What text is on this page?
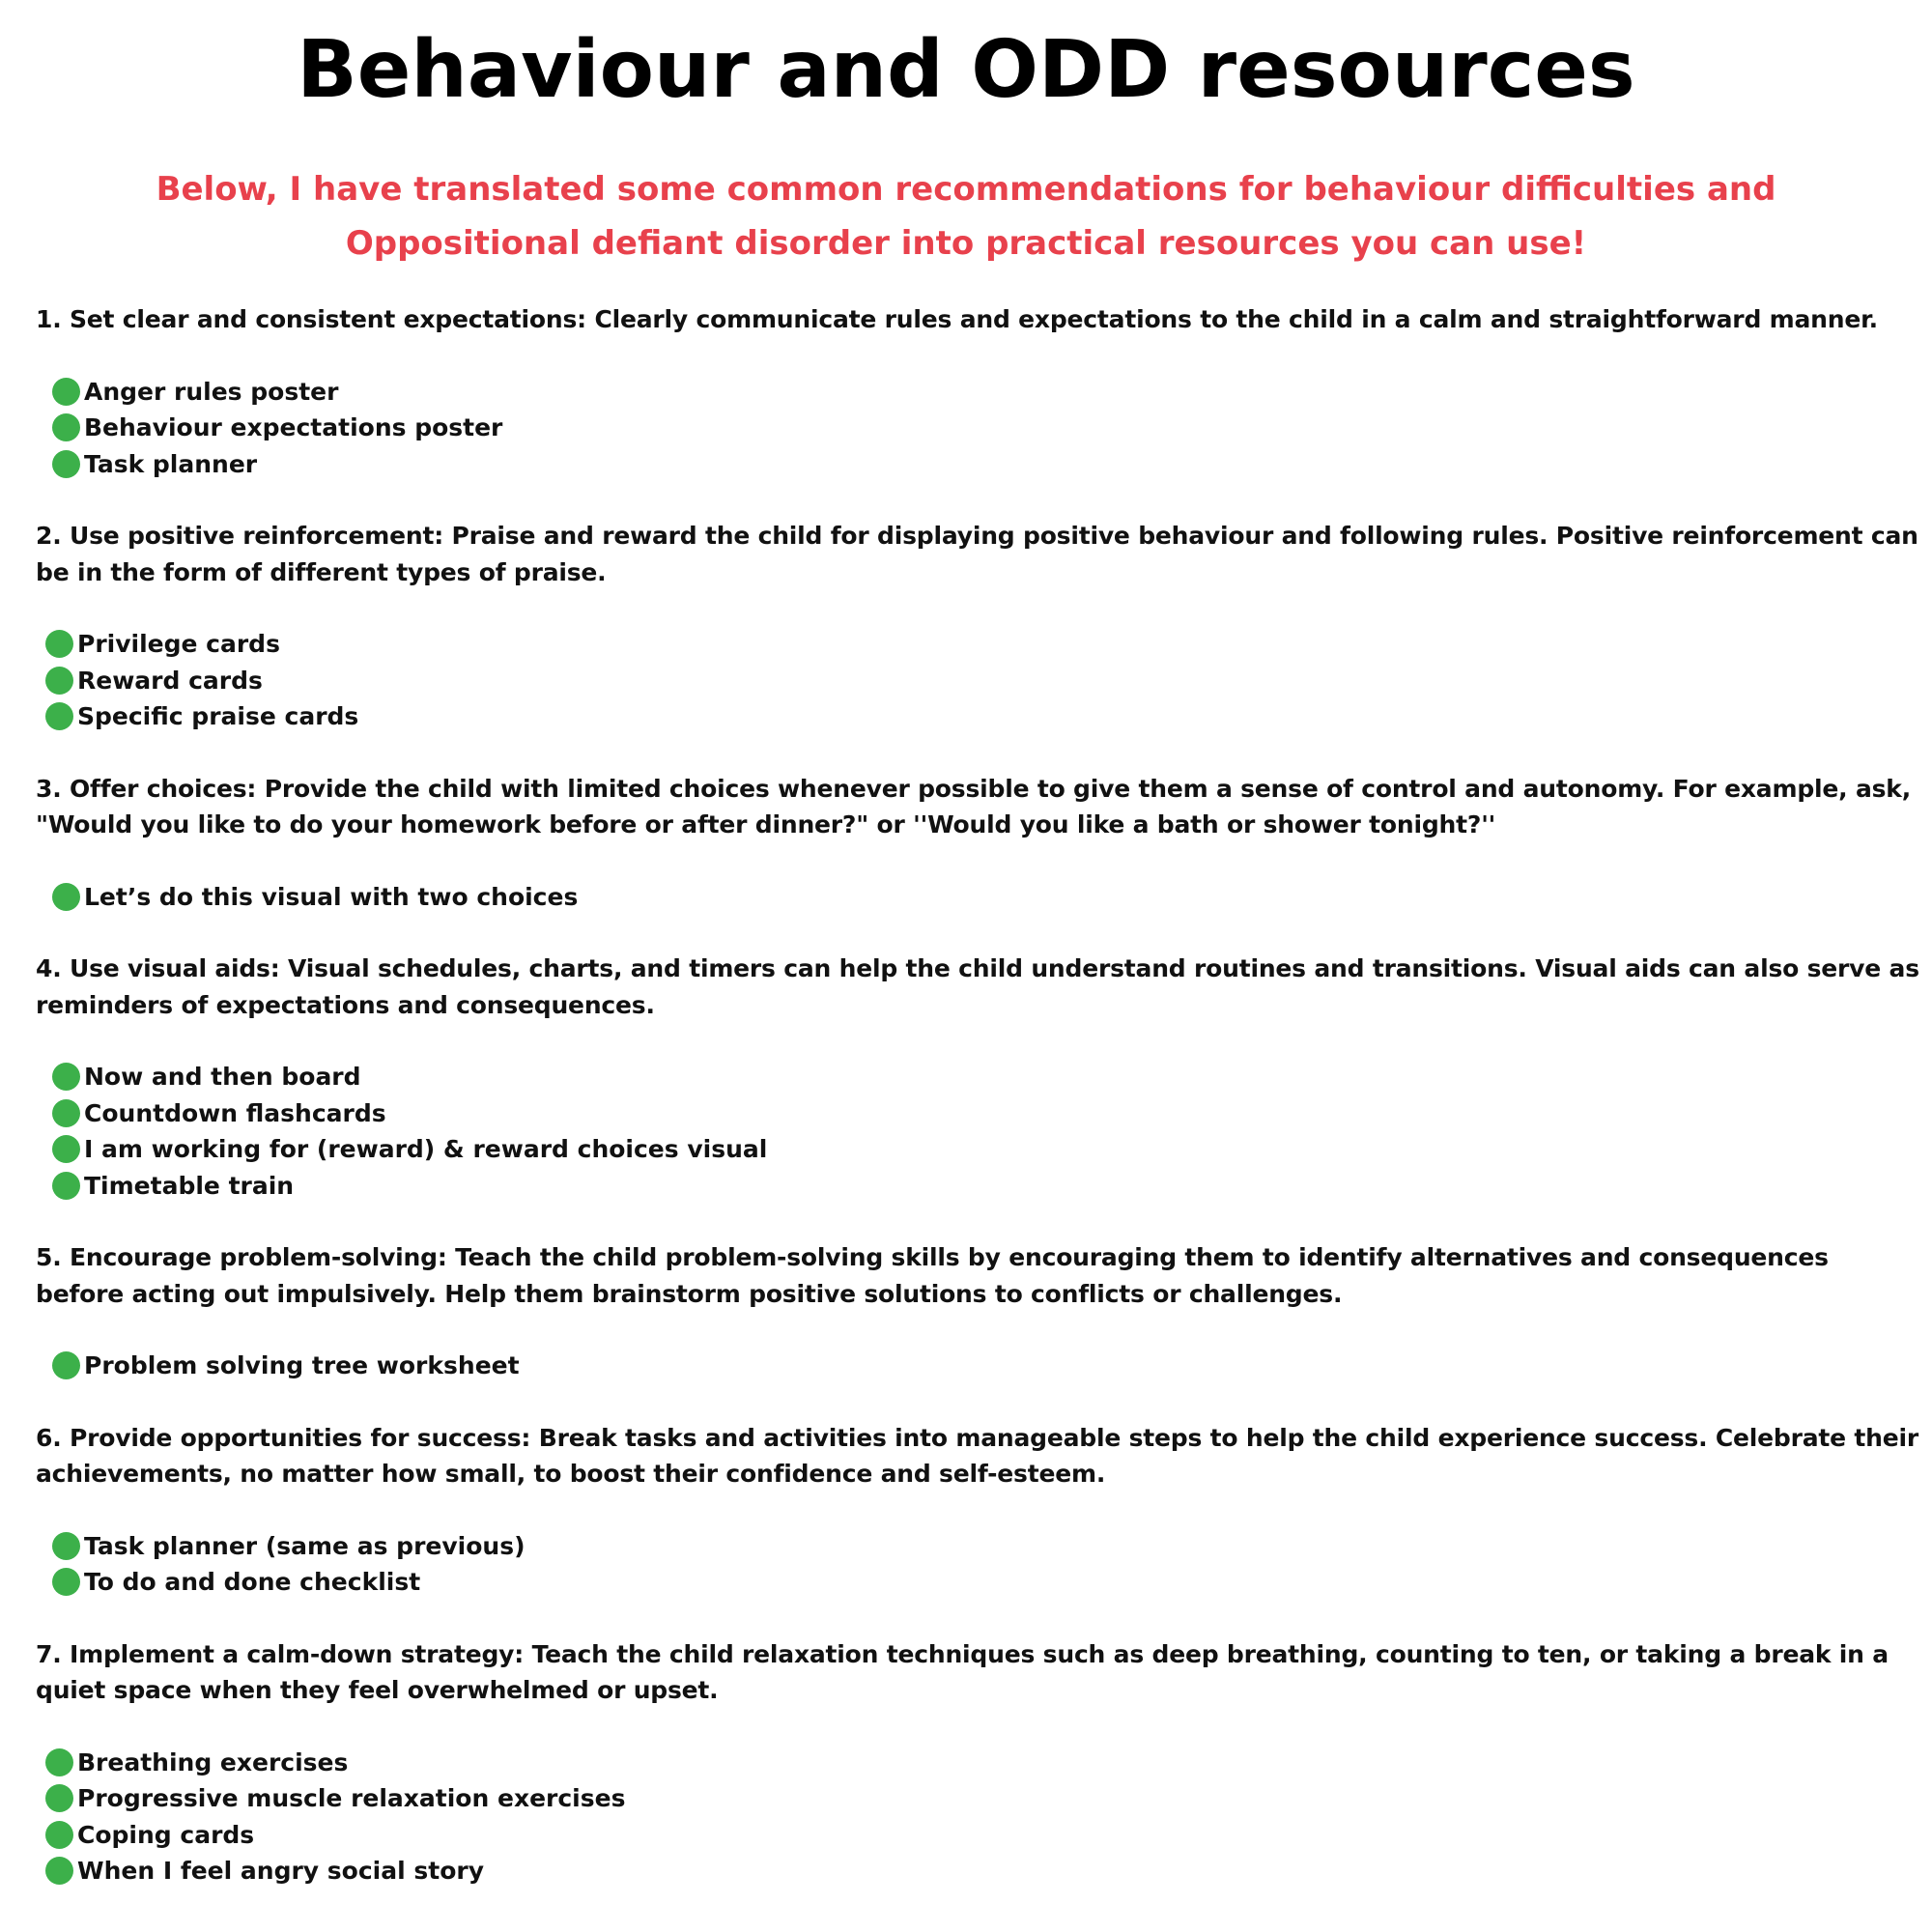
Behaviour and ODD resources

Below, I have translated some common recommendations for behaviour difficulties and Oppositional defiant disorder into practical resources you can use!

1. Set clear and consistent expectations: Clearly communicate rules and expectations to the child in a calm and straightforward manner.

Anger rules poster
Behaviour expectations poster
Task planner

2. Use positive reinforcement: Praise and reward the child for displaying positive behaviour and following rules. Positive reinforcement can be in the form of different types of praise.

Privilege cards
Reward cards
Specific praise cards

3. Offer choices: Provide the child with limited choices whenever possible to give them a sense of control and autonomy. For example, ask, "Would you like to do your homework before or after dinner?" or ''Would you like a bath or shower tonight?''

Let’s do this visual with two choices

4. Use visual aids: Visual schedules, charts, and timers can help the child understand routines and transitions. Visual aids can also serve as reminders of expectations and consequences.

Now and then board
Countdown flashcards
I am working for (reward) & reward choices visual
Timetable train

5. Encourage problem-solving: Teach the child problem-solving skills by encouraging them to identify alternatives and consequences before acting out impulsively. Help them brainstorm positive solutions to conflicts or challenges.

Problem solving tree worksheet

6. Provide opportunities for success: Break tasks and activities into manageable steps to help the child experience success. Celebrate their achievements, no matter how small, to boost their confidence and self-esteem.

Task planner (same as previous)
To do and done checklist

7. Implement a calm-down strategy: Teach the child relaxation techniques such as deep breathing, counting to ten, or taking a break in a quiet space when they feel overwhelmed or upset.

Breathing exercises
Progressive muscle relaxation exercises
Coping cards
When I feel angry social story
